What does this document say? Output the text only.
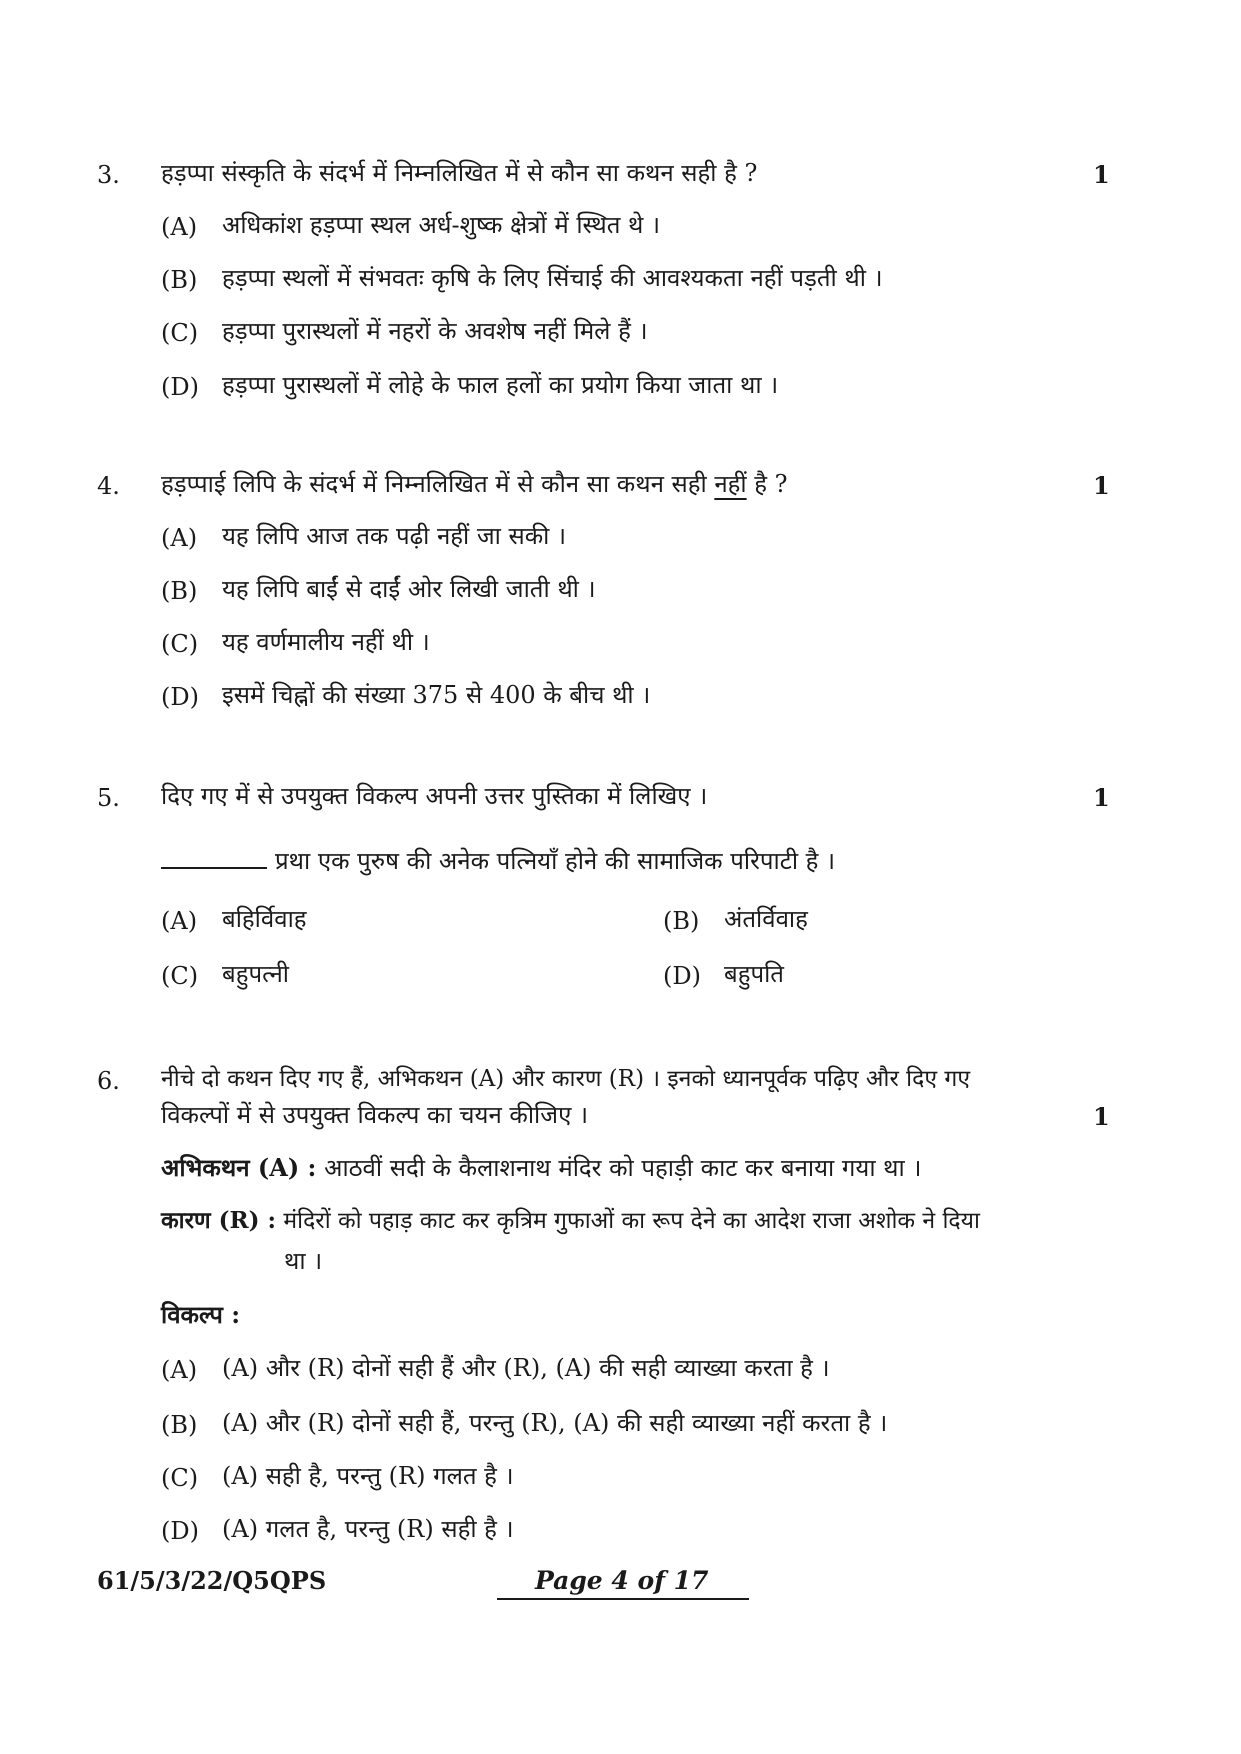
3. हड़प्पा संस्कृति के संदर्भ में निम्नलिखित में से कौन सा कथन सही है ?	1
(A) अधिकांश हड़प्पा स्थल अर्ध-शुष्क क्षेत्रों में स्थित थे ।
(B) हड़प्पा स्थलों में संभवतः कृषि के लिए सिंचाई की आवश्यकता नहीं पड़ती थी ।
(C) हड़प्पा पुरास्थलों में नहरों के अवशेष नहीं मिले हैं ।
(D) हड़प्पा पुरास्थलों में लोहे के फाल हलों का प्रयोग किया जाता था ।
4. हड़प्पाई लिपि के संदर्भ में निम्नलिखित में से कौन सा कथन सही नहीं है ?	1
(A) यह लिपि आज तक पढ़ी नहीं जा सकी ।
(B) यह लिपि बाईं से दाईं ओर लिखी जाती थी ।
(C) यह वर्णमालीय नहीं थी ।
(D) इसमें चिह्नों की संख्या 375 से 400 के बीच थी ।
5. दिए गए में से उपयुक्त विकल्प अपनी उत्तर पुस्तिका में लिखिए ।	1
प्रथा एक पुरुष की अनेक पत्नियाँ होने की सामाजिक परिपाटी है ।
(A) बहिर्विवाह	(B) अंतर्विवाह
(C) बहुपत्नी	(D) बहुपति
6. नीचे दो कथन दिए गए हैं, अभिकथन (A) और कारण (R) । इनको ध्यानपूर्वक पढ़िए और दिए गए
विकल्पों में से उपयुक्त विकल्प का चयन कीजिए ।	1
अभिकथन (A) : आठवीं सदी के कैलाशनाथ मंदिर को पहाड़ी काट कर बनाया गया था ।
कारण (R) : मंदिरों को पहाड़ काट कर कृत्रिम गुफाओं का रूप देने का आदेश राजा अशोक ने दिया
था ।
विकल्प :
(A) (A) और (R) दोनों सही हैं और (R), (A) की सही व्याख्या करता है ।
(B) (A) और (R) दोनों सही हैं, परन्तु (R), (A) की सही व्याख्या नहीं करता है ।
(C) (A) सही है, परन्तु (R) गलत है ।
(D) (A) गलत है, परन्तु (R) सही है ।
61/5/3/22/Q5QPS	Page 4 of 17
